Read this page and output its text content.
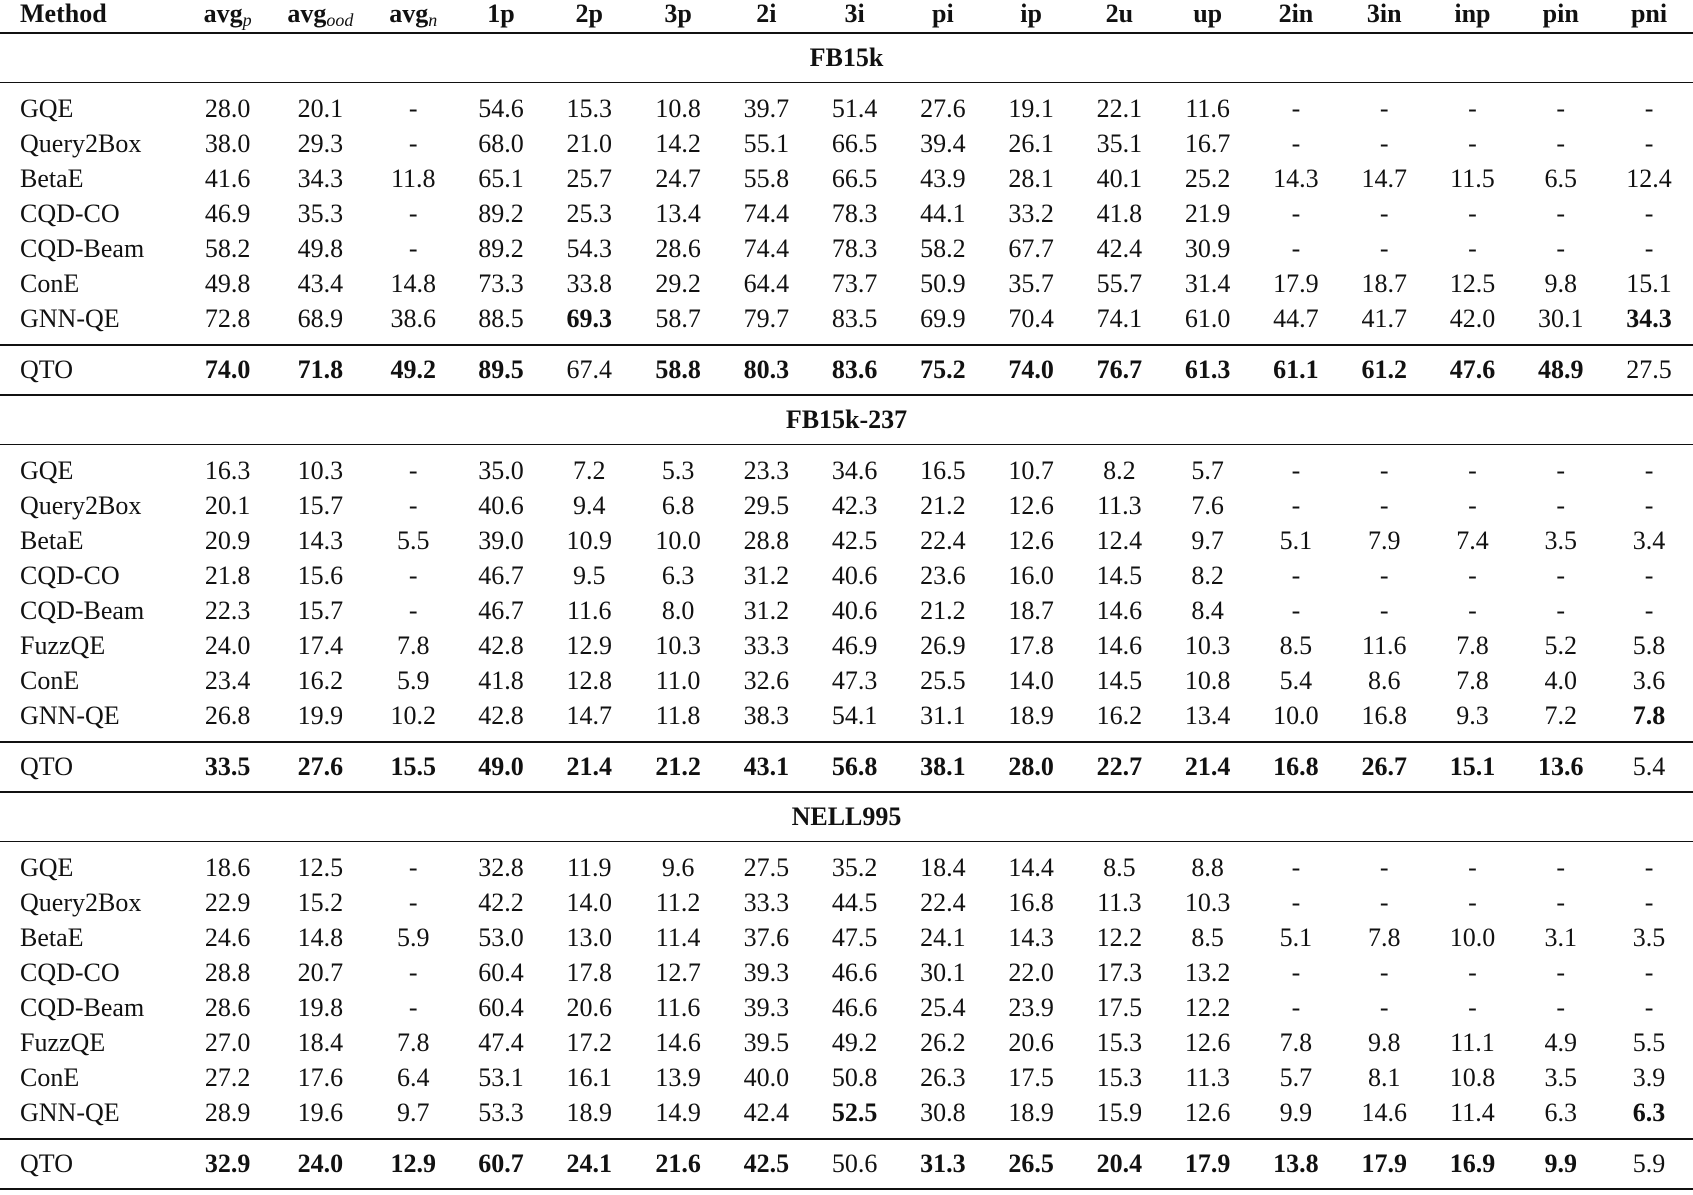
Method	avg$_p$	avg$_{ood}$	avg$_n$	1p	2p	3p	2i	3i	pi	ip	2u	up	2in	3in	inp	pin	pni
FB15k																	
GQE	28.0	20.1	-	54.6	15.3	10.8	39.7	51.4	27.6	19.1	22.1	11.6	-	-	-	-	-
Query2Box	38.0	29.3	-	68.0	21.0	14.2	55.1	66.5	39.4	26.1	35.1	16.7	-	-	-	-	-
BetaE	41.6	34.3	11.8	65.1	25.7	24.7	55.8	66.5	43.9	28.1	40.1	25.2	14.3	14.7	11.5	6.5	12.4
CQD-CO	46.9	35.3	-	89.2	25.3	13.4	74.4	78.3	44.1	33.2	41.8	21.9	-	-	-	-	-
CQD-Beam	58.2	49.8	-	89.2	54.3	28.6	74.4	78.3	58.2	67.7	42.4	30.9	-	-	-	-	-
ConE	49.8	43.4	14.8	73.3	33.8	29.2	64.4	73.7	50.9	35.7	55.7	31.4	17.9	18.7	12.5	9.8	15.1
GNN-QE	72.8	68.9	38.6	88.5	69.3	58.7	79.7	83.5	69.9	70.4	74.1	61.0	44.7	41.7	42.0	30.1	34.3
QTO	74.0	71.8	49.2	89.5	67.4	58.8	80.3	83.6	75.2	74.0	76.7	61.3	61.1	61.2	47.6	48.9	27.5
FB15k-237																	
GQE	16.3	10.3	-	35.0	7.2	5.3	23.3	34.6	16.5	10.7	8.2	5.7	-	-	-	-	-
Query2Box	20.1	15.7	-	40.6	9.4	6.8	29.5	42.3	21.2	12.6	11.3	7.6	-	-	-	-	-
BetaE	20.9	14.3	5.5	39.0	10.9	10.0	28.8	42.5	22.4	12.6	12.4	9.7	5.1	7.9	7.4	3.5	3.4
CQD-CO	21.8	15.6	-	46.7	9.5	6.3	31.2	40.6	23.6	16.0	14.5	8.2	-	-	-	-	-
CQD-Beam	22.3	15.7	-	46.7	11.6	8.0	31.2	40.6	21.2	18.7	14.6	8.4	-	-	-	-	-
FuzzQE	24.0	17.4	7.8	42.8	12.9	10.3	33.3	46.9	26.9	17.8	14.6	10.3	8.5	11.6	7.8	5.2	5.8
ConE	23.4	16.2	5.9	41.8	12.8	11.0	32.6	47.3	25.5	14.0	14.5	10.8	5.4	8.6	7.8	4.0	3.6
GNN-QE	26.8	19.9	10.2	42.8	14.7	11.8	38.3	54.1	31.1	18.9	16.2	13.4	10.0	16.8	9.3	7.2	7.8
QTO	33.5	27.6	15.5	49.0	21.4	21.2	43.1	56.8	38.1	28.0	22.7	21.4	16.8	26.7	15.1	13.6	5.4
NELL995																	
GQE	18.6	12.5	-	32.8	11.9	9.6	27.5	35.2	18.4	14.4	8.5	8.8	-	-	-	-	-
Query2Box	22.9	15.2	-	42.2	14.0	11.2	33.3	44.5	22.4	16.8	11.3	10.3	-	-	-	-	-
BetaE	24.6	14.8	5.9	53.0	13.0	11.4	37.6	47.5	24.1	14.3	12.2	8.5	5.1	7.8	10.0	3.1	3.5
CQD-CO	28.8	20.7	-	60.4	17.8	12.7	39.3	46.6	30.1	22.0	17.3	13.2	-	-	-	-	-
CQD-Beam	28.6	19.8	-	60.4	20.6	11.6	39.3	46.6	25.4	23.9	17.5	12.2	-	-	-	-	-
FuzzQE	27.0	18.4	7.8	47.4	17.2	14.6	39.5	49.2	26.2	20.6	15.3	12.6	7.8	9.8	11.1	4.9	5.5
ConE	27.2	17.6	6.4	53.1	16.1	13.9	40.0	50.8	26.3	17.5	15.3	11.3	5.7	8.1	10.8	3.5	3.9
GNN-QE	28.9	19.6	9.7	53.3	18.9	14.9	42.4	52.5	30.8	18.9	15.9	12.6	9.9	14.6	11.4	6.3	6.3
QTO	32.9	24.0	12.9	60.7	24.1	21.6	42.5	50.6	31.3	26.5	20.4	17.9	13.8	17.9	16.9	9.9	5.9
